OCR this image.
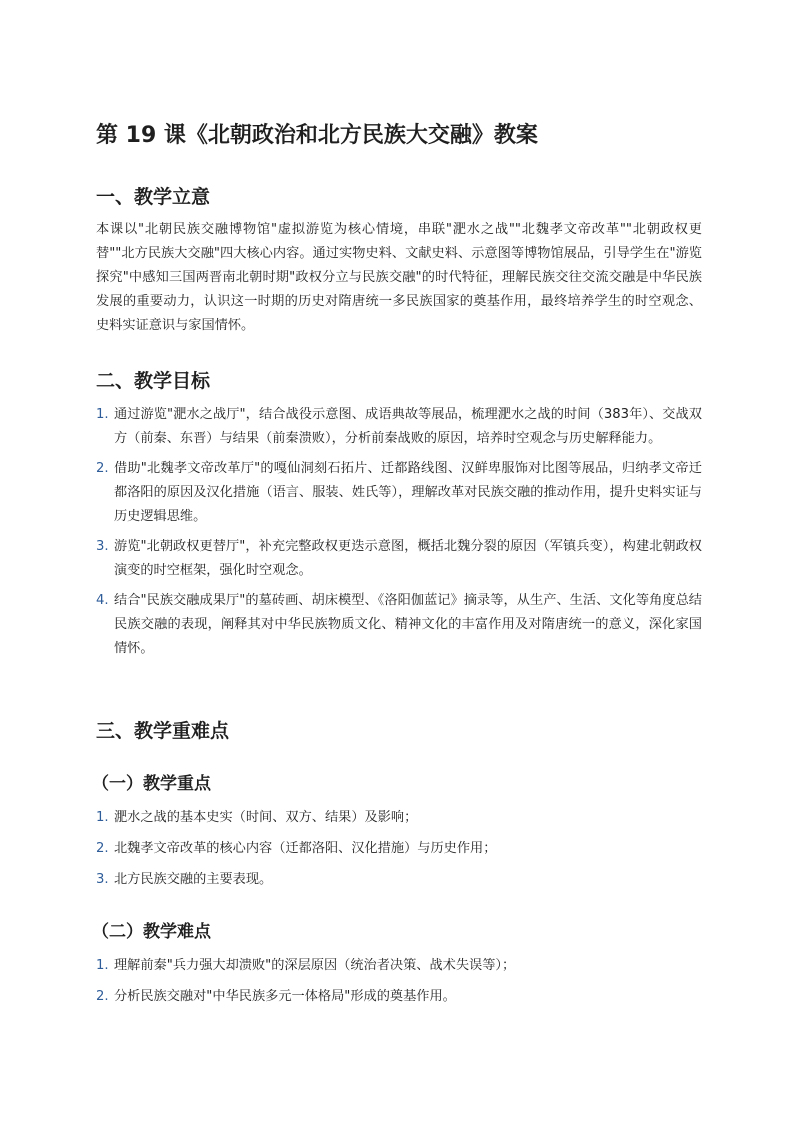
第 19 课《北朝政治和北方民族大交融》教案
一、教学立意
本课以"北朝民族交融博物馆"虚拟游览为核心情境，串联"淝水之战""北魏孝文帝改革""北朝政权更替""北方民族大交融"四大核心内容。通过实物史料、文献史料、示意图等博物馆展品，引导学生在"游览探究"中感知三国两晋南北朝时期"政权分立与民族交融"的时代特征，理解民族交往交流交融是中华民族发展的重要动力，认识这一时期的历史对隋唐统一多民族国家的奠基作用，最终培养学生的时空观念、史料实证意识与家国情怀。
二、教学目标
1. 通过游览"淝水之战厅"，结合战役示意图、成语典故等展品，梳理淝水之战的时间（383年）、交战双方（前秦、东晋）与结果（前秦溃败），分析前秦战败的原因，培养时空观念与历史解释能力。
2. 借助"北魏孝文帝改革厅"的嘎仙洞刻石拓片、迁都路线图、汉鲜卑服饰对比图等展品，归纳孝文帝迁都洛阳的原因及汉化措施（语言、服装、姓氏等），理解改革对民族交融的推动作用，提升史料实证与历史逻辑思维。
3. 游览"北朝政权更替厅"，补充完整政权更迭示意图，概括北魏分裂的原因（军镇兵变），构建北朝政权演变的时空框架，强化时空观念。
4. 结合"民族交融成果厅"的墓砖画、胡床模型、《洛阳伽蓝记》摘录等，从生产、生活、文化等角度总结民族交融的表现，阐释其对中华民族物质文化、精神文化的丰富作用及对隋唐统一的意义，深化家国情怀。
三、教学重难点
（一）教学重点
1. 淝水之战的基本史实（时间、双方、结果）及影响；
2. 北魏孝文帝改革的核心内容（迁都洛阳、汉化措施）与历史作用；
3. 北方民族交融的主要表现。
（二）教学难点
1. 理解前秦"兵力强大却溃败"的深层原因（统治者决策、战术失误等）；
2. 分析民族交融对"中华民族多元一体格局"形成的奠基作用。
